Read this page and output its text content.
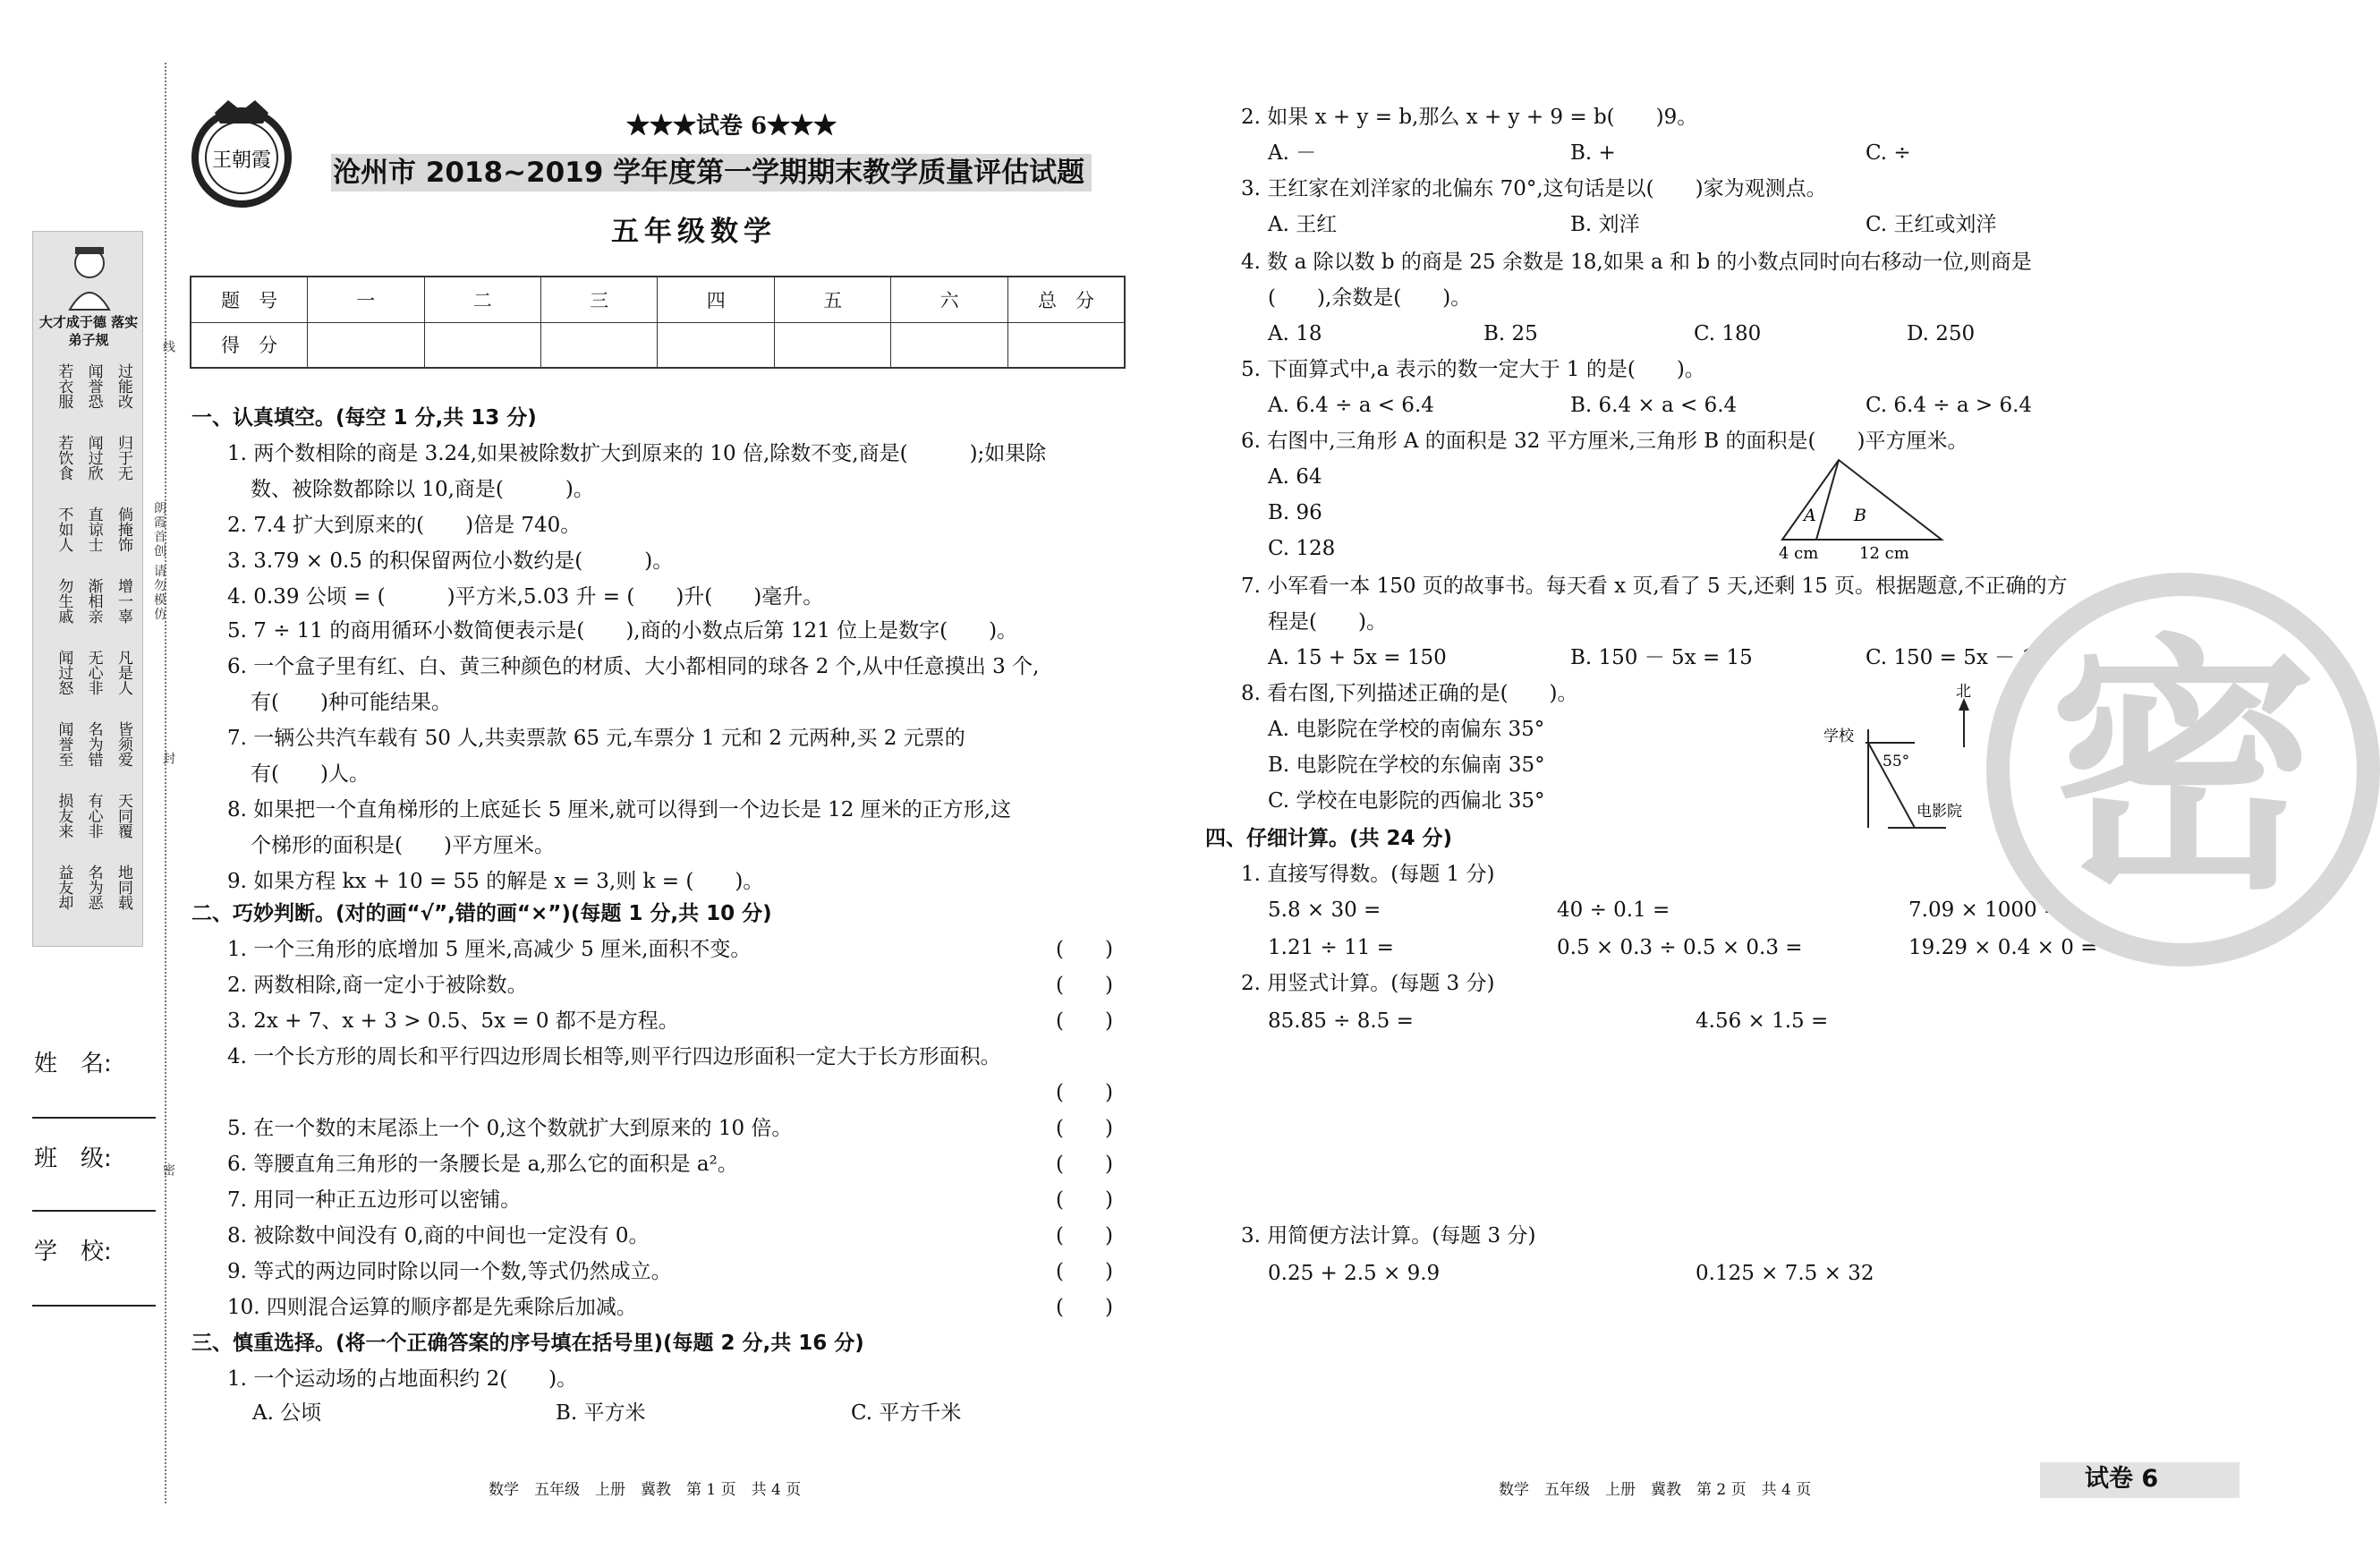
线
封
密
朗霞首创 请勿模仿
大才成于德 落实弟子规
若衣服 闻誉恐 过能改
若饮食 闻过欣 归于无
不如人 直谅士 倘掩饰
勿生戚 渐相亲 增一辜
闻过怒 无心非 凡是人
闻誉至 名为错 皆须爱
损友来 有心非 天同覆
益友却 名为恶 地同载
姓　名:
班　级:
学　校:
王朝霞
★★★试卷 6★★★
沧州市 2018~2019 学年度第一学期期末教学质量评估试题
五年级数学
题　号	一	二	三	四	五	六	总　分
得　分							
一、认真填空。(每空 1 分,共 13 分)
1. 两个数相除的商是 3.24,如果被除数扩大到原来的 10 倍,除数不变,商是(　　　);如果除
数、被除数都除以 10,商是(　　　)。
2. 7.4 扩大到原来的(　　)倍是 740。
3. 3.79 × 0.5 的积保留两位小数约是(　　　)。
4. 0.39 公顷 = (　　　)平方米,5.03 升 = (　　)升(　　)毫升。
5. 7 ÷ 11 的商用循环小数简便表示是(　　),商的小数点后第 121 位上是数字(　　)。
6. 一个盒子里有红、白、黄三种颜色的材质、大小都相同的球各 2 个,从中任意摸出 3 个,
有(　　)种可能结果。
7. 一辆公共汽车载有 50 人,共卖票款 65 元,车票分 1 元和 2 元两种,买 2 元票的
有(　　)人。
8. 如果把一个直角梯形的上底延长 5 厘米,就可以得到一个边长是 12 厘米的正方形,这
个梯形的面积是(　　)平方厘米。
9. 如果方程 kx + 10 = 55 的解是 x = 3,则 k = (　　)。
二、巧妙判断。(对的画“√”,错的画“×”)(每题 1 分,共 10 分)
1. 一个三角形的底增加 5 厘米,高减少 5 厘米,面积不变。	(　　)
2. 两数相除,商一定小于被除数。	(　　)
3. 2x + 7、x + 3 > 0.5、5x = 0 都不是方程。	(　　)
4. 一个长方形的周长和平行四边形周长相等,则平行四边形面积一定大于长方形面积。
(　　)
5. 在一个数的末尾添上一个 0,这个数就扩大到原来的 10 倍。	(　　)
6. 等腰直角三角形的一条腰长是 a,那么它的面积是 a²。	(　　)
7. 用同一种正五边形可以密铺。	(　　)
8. 被除数中间没有 0,商的中间也一定没有 0。	(　　)
9. 等式的两边同时除以同一个数,等式仍然成立。	(　　)
10. 四则混合运算的顺序都是先乘除后加减。	(　　)
三、慎重选择。(将一个正确答案的序号填在括号里)(每题 2 分,共 16 分)
1. 一个运动场的占地面积约 2(　　)。
A. 公顷	B. 平方米	C. 平方千米
数学　五年级　上册　冀教　第 1 页　共 4 页
2. 如果 x + y = b,那么 x + y + 9 = b(　　)9。
A. －	B. +	C. ÷
3. 王红家在刘洋家的北偏东 70°,这句话是以(　　)家为观测点。
A. 王红	B. 刘洋	C. 王红或刘洋
4. 数 a 除以数 b 的商是 25 余数是 18,如果 a 和 b 的小数点同时向右移动一位,则商是
(　　),余数是(　　)。
A. 18	B. 25	C. 180	D. 250
5. 下面算式中,a 表示的数一定大于 1 的是(　　)。
A. 6.4 ÷ a < 6.4	B. 6.4 × a < 6.4	C. 6.4 ÷ a > 6.4
6. 右图中,三角形 A 的面积是 32 平方厘米,三角形 B 的面积是(　　)平方厘米。
A. 64
B. 96
C. 128
A B
4 cm	12 cm
7. 小军看一本 150 页的故事书。每天看 x 页,看了 5 天,还剩 15 页。根据题意,不正确的方
程是(　　)。
A. 15 + 5x = 150	B. 150 － 5x = 15	C. 150 = 5x － 15
8. 看右图,下列描述正确的是(　　)。
A. 电影院在学校的南偏东 35°
B. 电影院在学校的东偏南 35°
C. 学校在电影院的西偏北 35°
北
学校
55°
电影院
四、仔细计算。(共 24 分)
1. 直接写得数。(每题 1 分)
5.8 × 30 =	40 ÷ 0.1 =	7.09 × 1000 =
1.21 ÷ 11 =	0.5 × 0.3 ÷ 0.5 × 0.3 =	19.29 × 0.4 × 0 =
2. 用竖式计算。(每题 3 分)
85.85 ÷ 8.5 =	4.56 × 1.5 =
3. 用简便方法计算。(每题 3 分)
0.25 + 2.5 × 9.9	0.125 × 7.5 × 32
数学　五年级　上册　冀教　第 2 页　共 4 页	试卷 6
密
